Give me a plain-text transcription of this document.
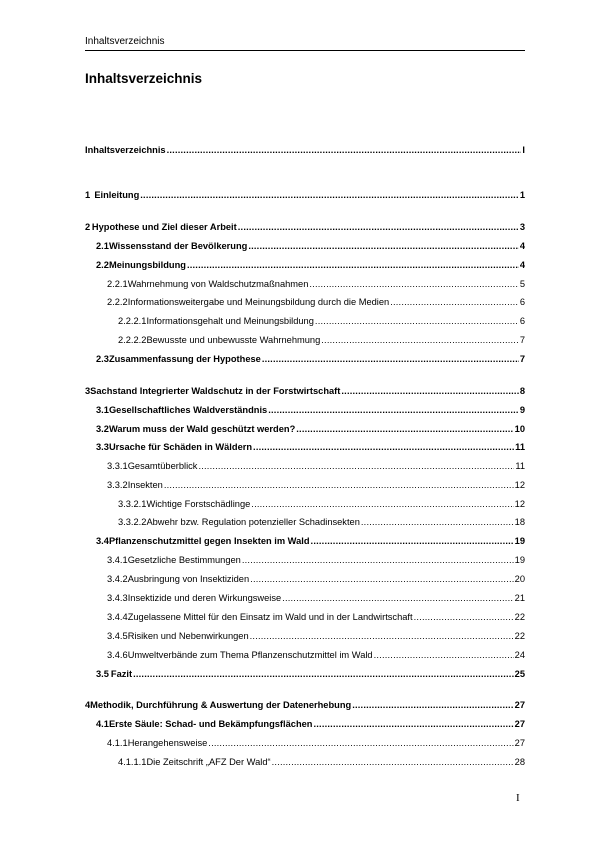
Inhaltsverzeichnis
Inhaltsverzeichnis
Inhaltsverzeichnis .....	I
1 Einleitung .....	1
2 Hypothese und Ziel dieser Arbeit .....	3
2.1 Wissensstand der Bevölkerung .....	4
2.2 Meinungsbildung .....	4
2.2.1 Wahrnehmung von Waldschutzmaßnahmen .....	5
2.2.2 Informationsweitergabe und Meinungsbildung durch die Medien .....	6
2.2.2.1 Informationsgehalt und Meinungsbildung .....	6
2.2.2.2 Bewusste und unbewusste Wahrnehmung .....	7
2.3 Zusammenfassung der Hypothese .....	7
3 Sachstand Integrierter Waldschutz in der Forstwirtschaft .....	8
3.1 Gesellschaftliches Waldverständnis .....	9
3.2 Warum muss der Wald geschützt werden? .....	10
3.3 Ursache für Schäden in Wäldern .....	11
3.3.1 Gesamtüberblick .....	11
3.3.2 Insekten .....	12
3.3.2.1 Wichtige Forstschädlinge .....	12
3.3.2.2 Abwehr bzw. Regulation potenzieller Schadinsekten .....	18
3.4 Pflanzenschutzmittel gegen Insekten im Wald .....	19
3.4.1 Gesetzliche Bestimmungen .....	19
3.4.2 Ausbringung von Insektiziden .....	20
3.4.3 Insektizide und deren Wirkungsweise .....	21
3.4.4 Zugelassene Mittel für den Einsatz im Wald und in der Landwirtschaft .....	22
3.4.5 Risiken und Nebenwirkungen .....	22
3.4.6 Umweltverbände zum Thema Pflanzenschutzmittel im Wald .....	24
3.5 Fazit .....	25
4 Methodik, Durchführung & Auswertung der Datenerhebung .....	27
4.1 Erste Säule: Schad- und Bekämpfungsflächen .....	27
4.1.1 Herangehensweise .....	27
4.1.1.1 Die Zeitschrift „AFZ Der Wald“ .....	28
I
